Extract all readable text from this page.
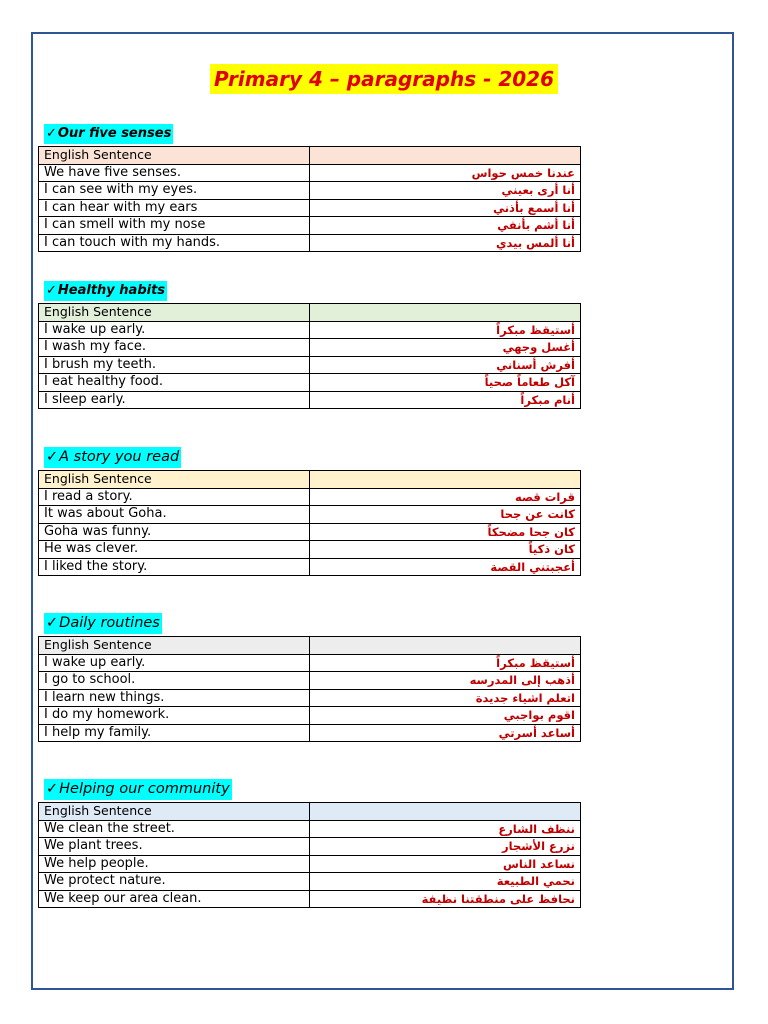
Primary 4 – paragraphs - 2026
✓Our five senses
English Sentence	
We have five senses.	عندنا خمس حواس
I can see with my eyes.	أنا أرى بعيني
I can hear with my ears	أنا أسمع بأذني
I can smell with my nose	أنا أشم بأنفي
I can touch with my hands.	أنا ألمس بيدي
✓Healthy habits
English Sentence	
I wake up early.	أستيقظ مبكراً
I wash my face.	أغسل وجهي
I brush my teeth.	أفرش أسناني
I eat healthy food.	آكل طعاماً صحياً
I sleep early.	أنام مبكراً
✓A story you read
English Sentence	
I read a story.	قرات قصه
It was about Goha.	كانت عن جحا
Goha was funny.	كان جحا مضحكاً
He was clever.	كان ذكياً
I liked the story.	أعجبتني القصة
✓Daily routines
English Sentence	
I wake up early.	أستيقظ مبكراً
I go to school.	أذهب إلى المدرسه
I learn new things.	اتعلم اشياء جديدة
I do my homework.	اقوم بواجبي
I help my family.	أساعد أسرتي
✓Helping our community
English Sentence	
We clean the street.	ننظف الشارع
We plant trees.	نزرع الأشجار
We help people.	نساعد الناس
We protect nature.	نحمي الطبيعة
We keep our area clean.	نحافظ على منطقتنا نظيفة
